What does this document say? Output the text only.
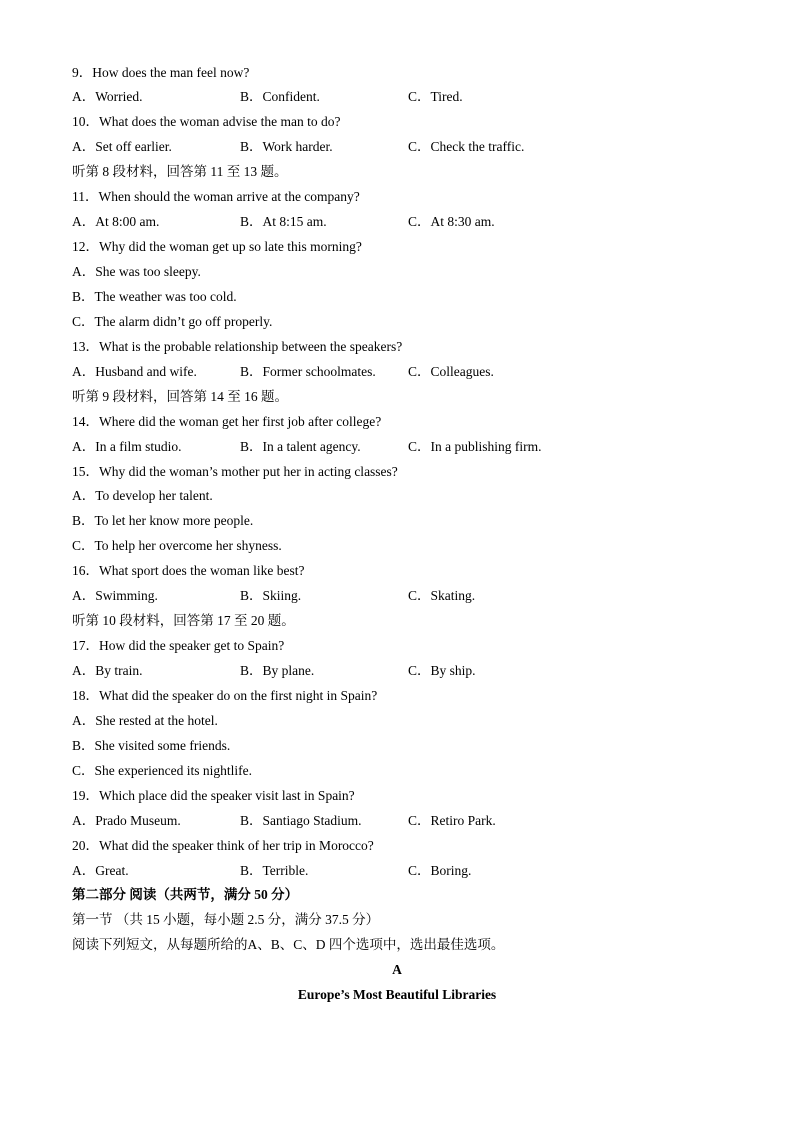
9．How does the man feel now?
A．Worried.	B．Confident.	C．Tired.
10．What does the woman advise the man to do?
A．Set off earlier.	B．Work harder.	C．Check the traffic.
听第 8 段材料，回答第 11 至 13 题。
11．When should the woman arrive at the company?
A．At 8:00 am.	B．At 8:15 am.	C．At 8:30 am.
12．Why did the woman get up so late this morning?
A．She was too sleepy.
B．The weather was too cold.
C．The alarm didn’t go off properly.
13．What is the probable relationship between the speakers?
A．Husband and wife.	B．Former schoolmates.	C．Colleagues.
听第 9 段材料，回答第 14 至 16 题。
14．Where did the woman get her first job after college?
A．In a film studio.	B．In a talent agency.	C．In a publishing firm.
15．Why did the woman’s mother put her in acting classes?
A．To develop her talent.
B．To let her know more people.
C．To help her overcome her shyness.
16．What sport does the woman like best?
A．Swimming.	B．Skiing.	C．Skating.
听第 10 段材料，回答第 17 至 20 题。
17．How did the speaker get to Spain?
A．By train.	B．By plane.	C．By ship.
18．What did the speaker do on the first night in Spain?
A．She rested at the hotel.
B．She visited some friends.
C．She experienced its nightlife.
19．Which place did the speaker visit last in Spain?
A．Prado Museum.	B．Santiago Stadium.	C．Retiro Park.
20．What did the speaker think of her trip in Morocco?
A．Great.	B．Terrible.	C．Boring.
第二部分 阅读（共两节，满分 50 分）
第一节 （共 15 小题，每小题 2.5 分，满分 37.5 分）
阅读下列短文，从每题所给的A、B、C、D 四个选项中，选出最佳选项。
A
Europe’s Most Beautiful Libraries
